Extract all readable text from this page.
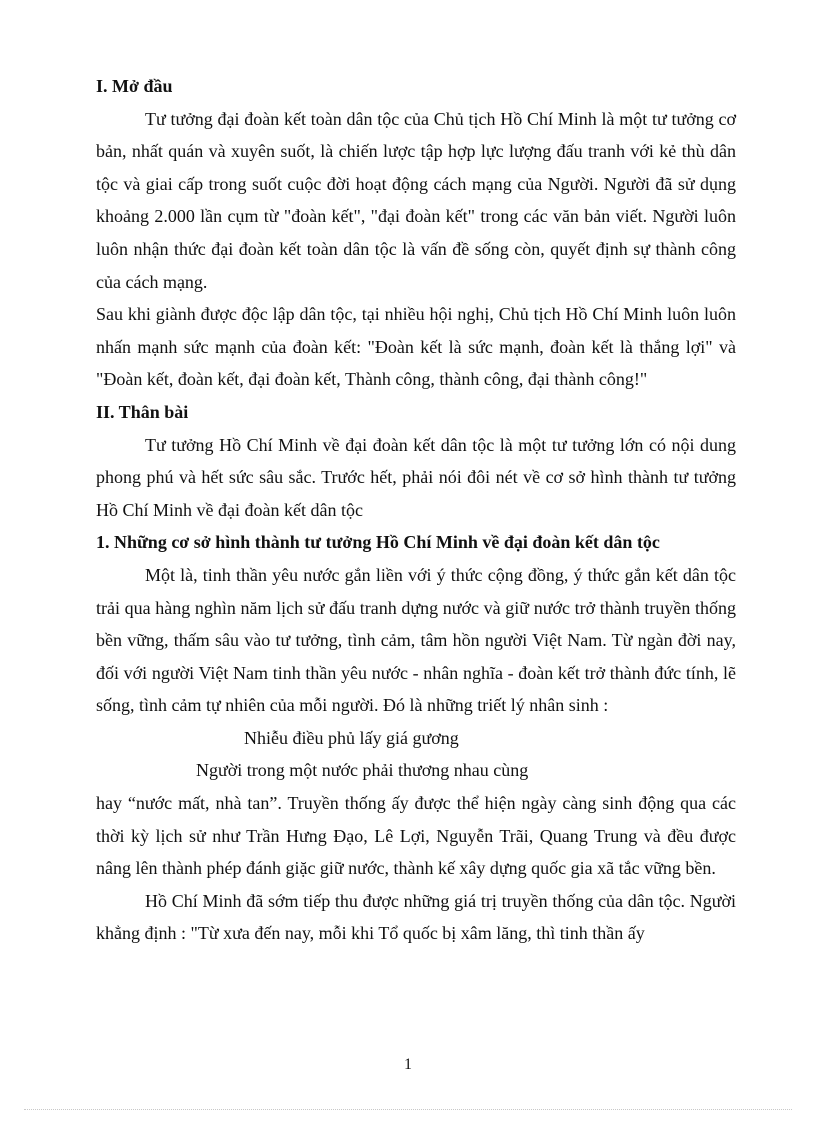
I. Mở đầu

Tư tưởng đại đoàn kết toàn dân tộc của Chủ tịch Hồ Chí Minh là một tư tưởng cơ bản, nhất quán và xuyên suốt, là chiến lược tập hợp lực lượng đấu tranh với kẻ thù dân tộc và giai cấp trong suốt cuộc đời hoạt động cách mạng của Người. Người đã sử dụng khoảng 2.000 lần cụm từ "đoàn kết", "đại đoàn kết" trong các văn bản viết. Người luôn luôn nhận thức đại đoàn kết toàn dân tộc là vấn đề sống còn, quyết định sự thành công của cách mạng.

Sau khi giành được độc lập dân tộc, tại nhiều hội nghị, Chủ tịch Hồ Chí Minh luôn luôn nhấn mạnh sức mạnh của đoàn kết: "Đoàn kết là sức mạnh, đoàn kết là thắng lợi" và "Đoàn kết, đoàn kết, đại đoàn kết, Thành công, thành công, đại thành công!"

II. Thân bài

Tư tưởng Hồ Chí Minh về đại đoàn kết dân tộc là một tư tưởng lớn có nội dung phong phú và hết sức sâu sắc. Trước hết, phải nói đôi nét về cơ sở hình thành tư tưởng Hồ Chí Minh về đại đoàn kết dân tộc

1. Những cơ sở hình thành tư tưởng Hồ Chí Minh về đại đoàn kết dân tộc

Một là, tinh thần yêu nước gắn liền với ý thức cộng đồng, ý thức gắn kết dân tộc trải qua hàng nghìn năm lịch sử đấu tranh dựng nước và giữ nước trở thành truyền thống bền vững, thấm sâu vào tư tưởng, tình cảm, tâm hồn người Việt Nam. Từ ngàn đời nay, đối với người Việt Nam tinh thần yêu nước - nhân nghĩa - đoàn kết trở thành đức tính, lẽ sống, tình cảm tự nhiên của mỗi người. Đó là những triết lý nhân sinh :

Nhiễu điều phủ lấy giá gương

Người trong một nước phải thương nhau cùng

hay “nước mất, nhà tan”. Truyền thống ấy được thể hiện ngày càng sinh động qua các thời kỳ lịch sử như Trần Hưng Đạo, Lê Lợi, Nguyễn Trãi, Quang Trung và đều được nâng lên thành phép đánh giặc giữ nước, thành kế xây dựng quốc gia xã tắc vững bền.

Hồ Chí Minh đã sớm tiếp thu được những giá trị truyền thống của dân tộc. Người khẳng định : "Từ xưa đến nay, mỗi khi Tổ quốc bị xâm lăng, thì tinh thần ấy

1
